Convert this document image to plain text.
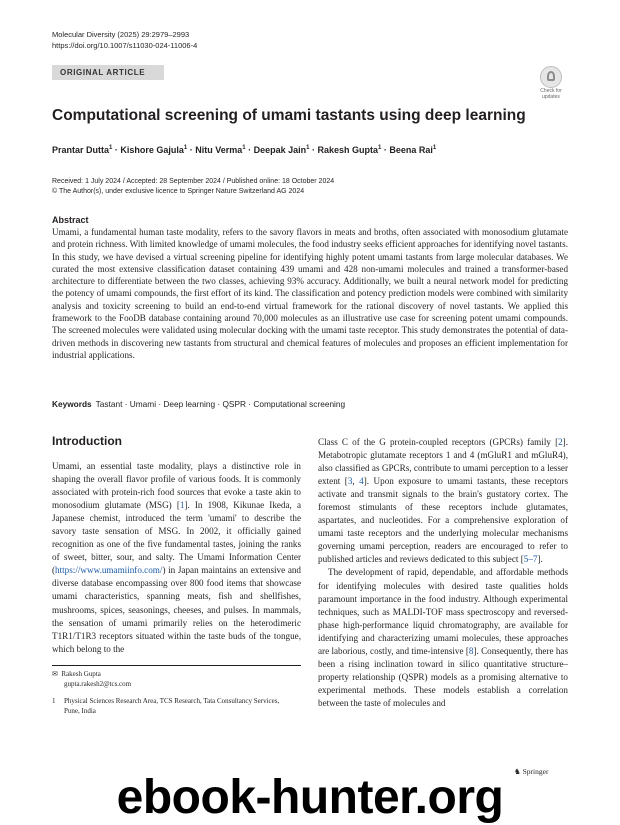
Molecular Diversity (2025) 29:2979–2993
https://doi.org/10.1007/s11030-024-11006-4
ORIGINAL ARTICLE
Check for updates
Computational screening of umami tastants using deep learning
Prantar Dutta$^1$ · Kishore Gajula$^1$ · Nitu Verma$^1$ · Deepak Jain$^1$ · Rakesh Gupta$^1$ · Beena Rai$^1$
Received: 1 July 2024 / Accepted: 28 September 2024 / Published online: 18 October 2024
© The Author(s), under exclusive licence to Springer Nature Switzerland AG 2024
Abstract
Umami, a fundamental human taste modality, refers to the savory flavors in meats and broths, often associated with monosodium glutamate and protein richness. With limited knowledge of umami molecules, the food industry seeks efficient approaches for identifying novel tastants. In this study, we have devised a virtual screening pipeline for identifying highly potent umami tastants from large molecular databases. We curated the most extensive classification dataset containing 439 umami and 428 non-umami molecules and trained a transformer-based architecture to differentiate between the two classes, achieving 93% accuracy. Additionally, we built a neural network model for predicting the potency of umami compounds, the first effort of its kind. The classification and potency prediction models were combined with similarity analysis and toxicity screening to build an end-to-end virtual framework for the rational discovery of novel tastants. We applied this framework to the FooDB database containing around 70,000 molecules as an illustrative use case for screening potent umami compounds. The screened molecules were validated using molecular docking with the umami taste receptor. This study demonstrates the potential of data-driven methods in discovering new tastants from structural and chemical features of molecules and proposes an efficient implementation for industrial applications.
Keywords Tastant · Umami · Deep learning · QSPR · Computational screening
Introduction

Umami, an essential taste modality, plays a distinctive role in shaping the overall flavor profile of various foods. It is commonly associated with protein-rich food sources that evoke a taste akin to monosodium glutamate (MSG) [1]. In 1908, Kikunae Ikeda, a Japanese chemist, introduced the term 'umami' to describe the savory taste sensation of MSG. In 2002, it officially gained recognition as one of the five fundamental tastes, joining the ranks of sweet, bitter, sour, and salty. The Umami Information Center (https://www.umamiinfo.com/) in Japan maintains an extensive and diverse database encompassing over 800 food items that showcase umami characteristics, spanning meats, fish and shellfishes, mushrooms, spices, seasonings, cheeses, and pulses. In mammals, the sensation of umami primarily relies on the heterodimeric T1R1/T1R3 receptors situated within the taste buds of the tongue, which belong to the

Class C of the G protein-coupled receptors (GPCRs) family [2]. Metabotropic glutamate receptors 1 and 4 (mGluR1 and mGluR4), also classified as GPCRs, contribute to umami perception to a lesser extent [3, 4]. Upon exposure to umami tastants, these receptors activate and transmit signals to the brain's gustatory cortex. The foremost stimulants of these receptors include glutamates, aspartates, and nucleotides. For a comprehensive exploration of umami taste receptors and the underlying molecular mechanisms governing umami perception, readers are encouraged to refer to published articles and reviews dedicated to this subject [5–7].

The development of rapid, dependable, and affordable methods for identifying molecules with desired taste qualities holds paramount importance in the food industry. Although experimental techniques, such as MALDI-TOF mass spectroscopy and reversed-phase high-performance liquid chromatography, are available for identifying and characterizing umami molecules, these approaches are laborious, costly, and time-intensive [8]. Consequently, there has been a rising inclination toward in silico quantitative structure–property relationship (QSPR) models as a promising alternative to experimental methods. These models establish a correlation between the taste of molecules and

✉ Rakesh Gupta
gupta.rakesh2@tcs.com
1 Physical Sciences Research Area, TCS Research, Tata Consultancy Services, Pune, India
♞ Springer
ebook-hunter.org
